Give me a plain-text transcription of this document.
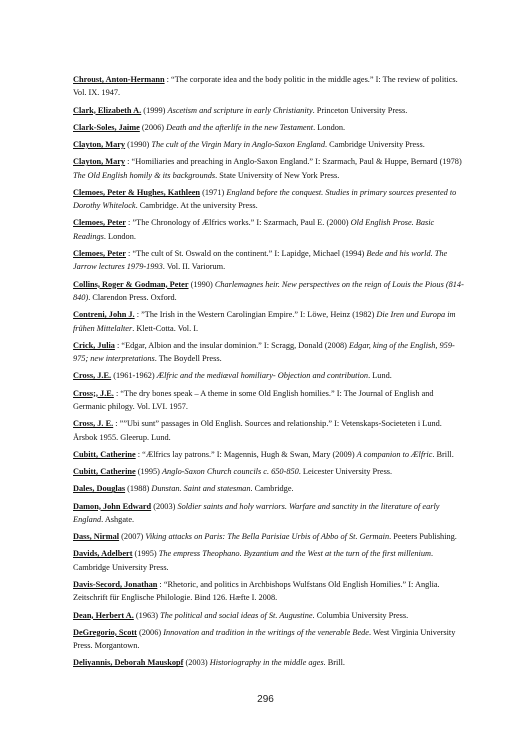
Chroust, Anton-Hermann : “The corporate idea and the body politic in the middle ages.” I: The review of politics. Vol. IX. 1947.

Clark, Elizabeth A. (1999) Ascetism and scripture in early Christianity. Princeton University Press.

Clark-Soles, Jaime (2006) Death and the afterlife in the new Testament. London.

Clayton, Mary (1990) The cult of the Virgin Mary in Anglo-Saxon England. Cambridge University Press.

Clayton, Mary : “Homiliaries and preaching in Anglo-Saxon England.” I: Szarmach, Paul & Huppe, Bernard (1978) The Old English homily & its backgrounds. State University of New York Press.

Clemoes, Peter & Hughes, Kathleen (1971) England before the conquest. Studies in primary sources presented to Dorothy Whitelock. Cambridge. At the university Press.

Clemoes, Peter : ”The Chronology of Ælfrics works.” I: Szarmach, Paul E. (2000) Old English Prose. Basic Readings. London.

Clemoes, Peter : “The cult of St. Oswald on the continent.” I: Lapidge, Michael (1994) Bede and his world. The Jarrow lectures 1979-1993. Vol. II. Variorum.

Collins, Roger & Godman, Peter (1990) Charlemagnes heir. New perspectives on the reign of Louis the Pious (814-840). Clarendon Press. Oxford.

Contreni, John J. : ”The Irish in the Western Carolingian Empire.” I: Löwe, Heinz (1982) Die Iren und Europa im frühen Mittelalter. Klett-Cotta. Vol. I.

Crick, Julia : “Edgar, Albion and the insular dominion.” I: Scragg, Donald (2008) Edgar, king of the English, 959-975; new interpretations. The Boydell Press.

Cross, J.E. (1961-1962) Ælfric and the mediæval homiliary- Objection and contribution. Lund.

Cross;, J.E. : “The dry bones speak – A theme in some Old English homilies.” I: The Journal of English and Germanic philogy. Vol. LVI. 1957.

Cross, J. E. : ””Ubi sunt” passages in Old English. Sources and relationship.” I: Vetenskaps-Societeten i Lund. Årsbok 1955. Gleerup. Lund.

Cubitt, Catherine : “Ælfrics lay patrons.” I: Magennis, Hugh & Swan, Mary (2009) A companion to Ælfric. Brill.

Cubitt, Catherine (1995) Anglo-Saxon Church councils c. 650-850. Leicester University Press.

Dales, Douglas (1988) Dunstan. Saint and statesman. Cambridge.

Damon, John Edward (2003) Soldier saints and holy warriors. Warfare and sanctity in the literature of early England. Ashgate.

Dass, Nirmal (2007) Viking attacks on Paris: The Bella Parisiae Urbis of Abbo of St. Germain. Peeters Publishing.

Davids, Adelbert (1995) The empress Theophano. Byzantium and the West at the turn of the first millenium. Cambridge University Press.

Davis-Secord, Jonathan : “Rhetoric, and politics in Archbishops Wulfstans Old English Homilies.” I: Anglia. Zeitschrift für Englische Philologie. Bind 126. Hæfte I. 2008.

Dean, Herbert A. (1963) The political and social ideas of St. Augustine. Columbia University Press.

DeGregorio, Scott (2006) Innovation and tradition in the writings of the venerable Bede. West Virginia University Press. Morgantown.

Deliyannis, Deborah Mauskopf (2003) Historiography in the middle ages. Brill.

296
